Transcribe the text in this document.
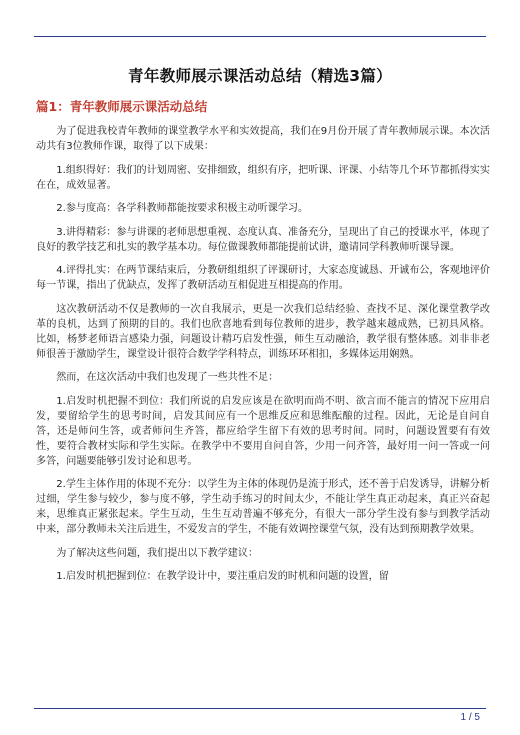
青年教师展示课活动总结（精选3篇）
篇1：青年教师展示课活动总结

为了促进我校青年教师的课堂教学水平和实效提高，我们在9月份开展了青年教师展示课。本次活动共有3位教师作课，取得了以下成果：

1.组织得好：我们的计划周密、安排细致，组织有序，把听课、评课、小结等几个环节都抓得实实在在，成效显著。

2.参与度高：各学科教师都能按要求积极主动听课学习。

3.讲得精彩：参与讲课的老师思想重视、态度认真、准备充分，呈现出了自己的授课水平，体现了良好的教学技艺和扎实的教学基本功。每位做课教师都能提前试讲，邀请同学科教师听课导课。

4.评得扎实：在两节课结束后，分教研组组织了评课研讨，大家态度诚恳、开诚布公，客观地评价每一节课，指出了优缺点，发挥了教研活动互相促进互相提高的作用。

这次教研活动不仅是教师的一次自我展示，更是一次我们总结经验、查找不足、深化课堂教学改革的良机，达到了预期的目的。我们也欣喜地看到每位教师的进步，教学越来越成熟，已初具风格。比如，杨梦老师语言感染力强，问题设计精巧启发性强，师生互动融洽，教学很有整体感。刘非非老师很善于激励学生，课堂设计很符合数学学科特点，训练环环相扣，多媒体运用娴熟。

然而，在这次活动中我们也发现了一些共性不足：

1.启发时机把握不到位：我们所说的启发应该是在欲明而尚不明、欲言而不能言的情况下应用启发，要留给学生的思考时间，启发其间应有一个思维反应和思维酝酿的过程。因此，无论是自问自答，还是师问生答，或者师问生齐答，都应给学生留下有效的思考时间。同时，问题设置要有有效性，要符合教材实际和学生实际。在教学中不要用自问自答，少用一问齐答，最好用一问一答或一问多答，问题要能够引发讨论和思考。

2.学生主体作用的体现不充分：以学生为主体的体现仍是流于形式，还不善于启发诱导，讲解分析过细，学生参与较少，参与度不够，学生动手练习的时间太少，不能让学生真正动起来，真正兴奋起来，思维真正紧张起来。学生互动，生生互动普遍不够充分，有很大一部分学生没有参与到教学活动中来，部分教师未关注后进生，不爱发言的学生，不能有效调控课堂气氛，没有达到预期教学效果。

为了解决这些问题，我们提出以下教学建议：

1.启发时机把握到位：在教学设计中，要注重启发的时机和问题的设置，留

1 / 5
